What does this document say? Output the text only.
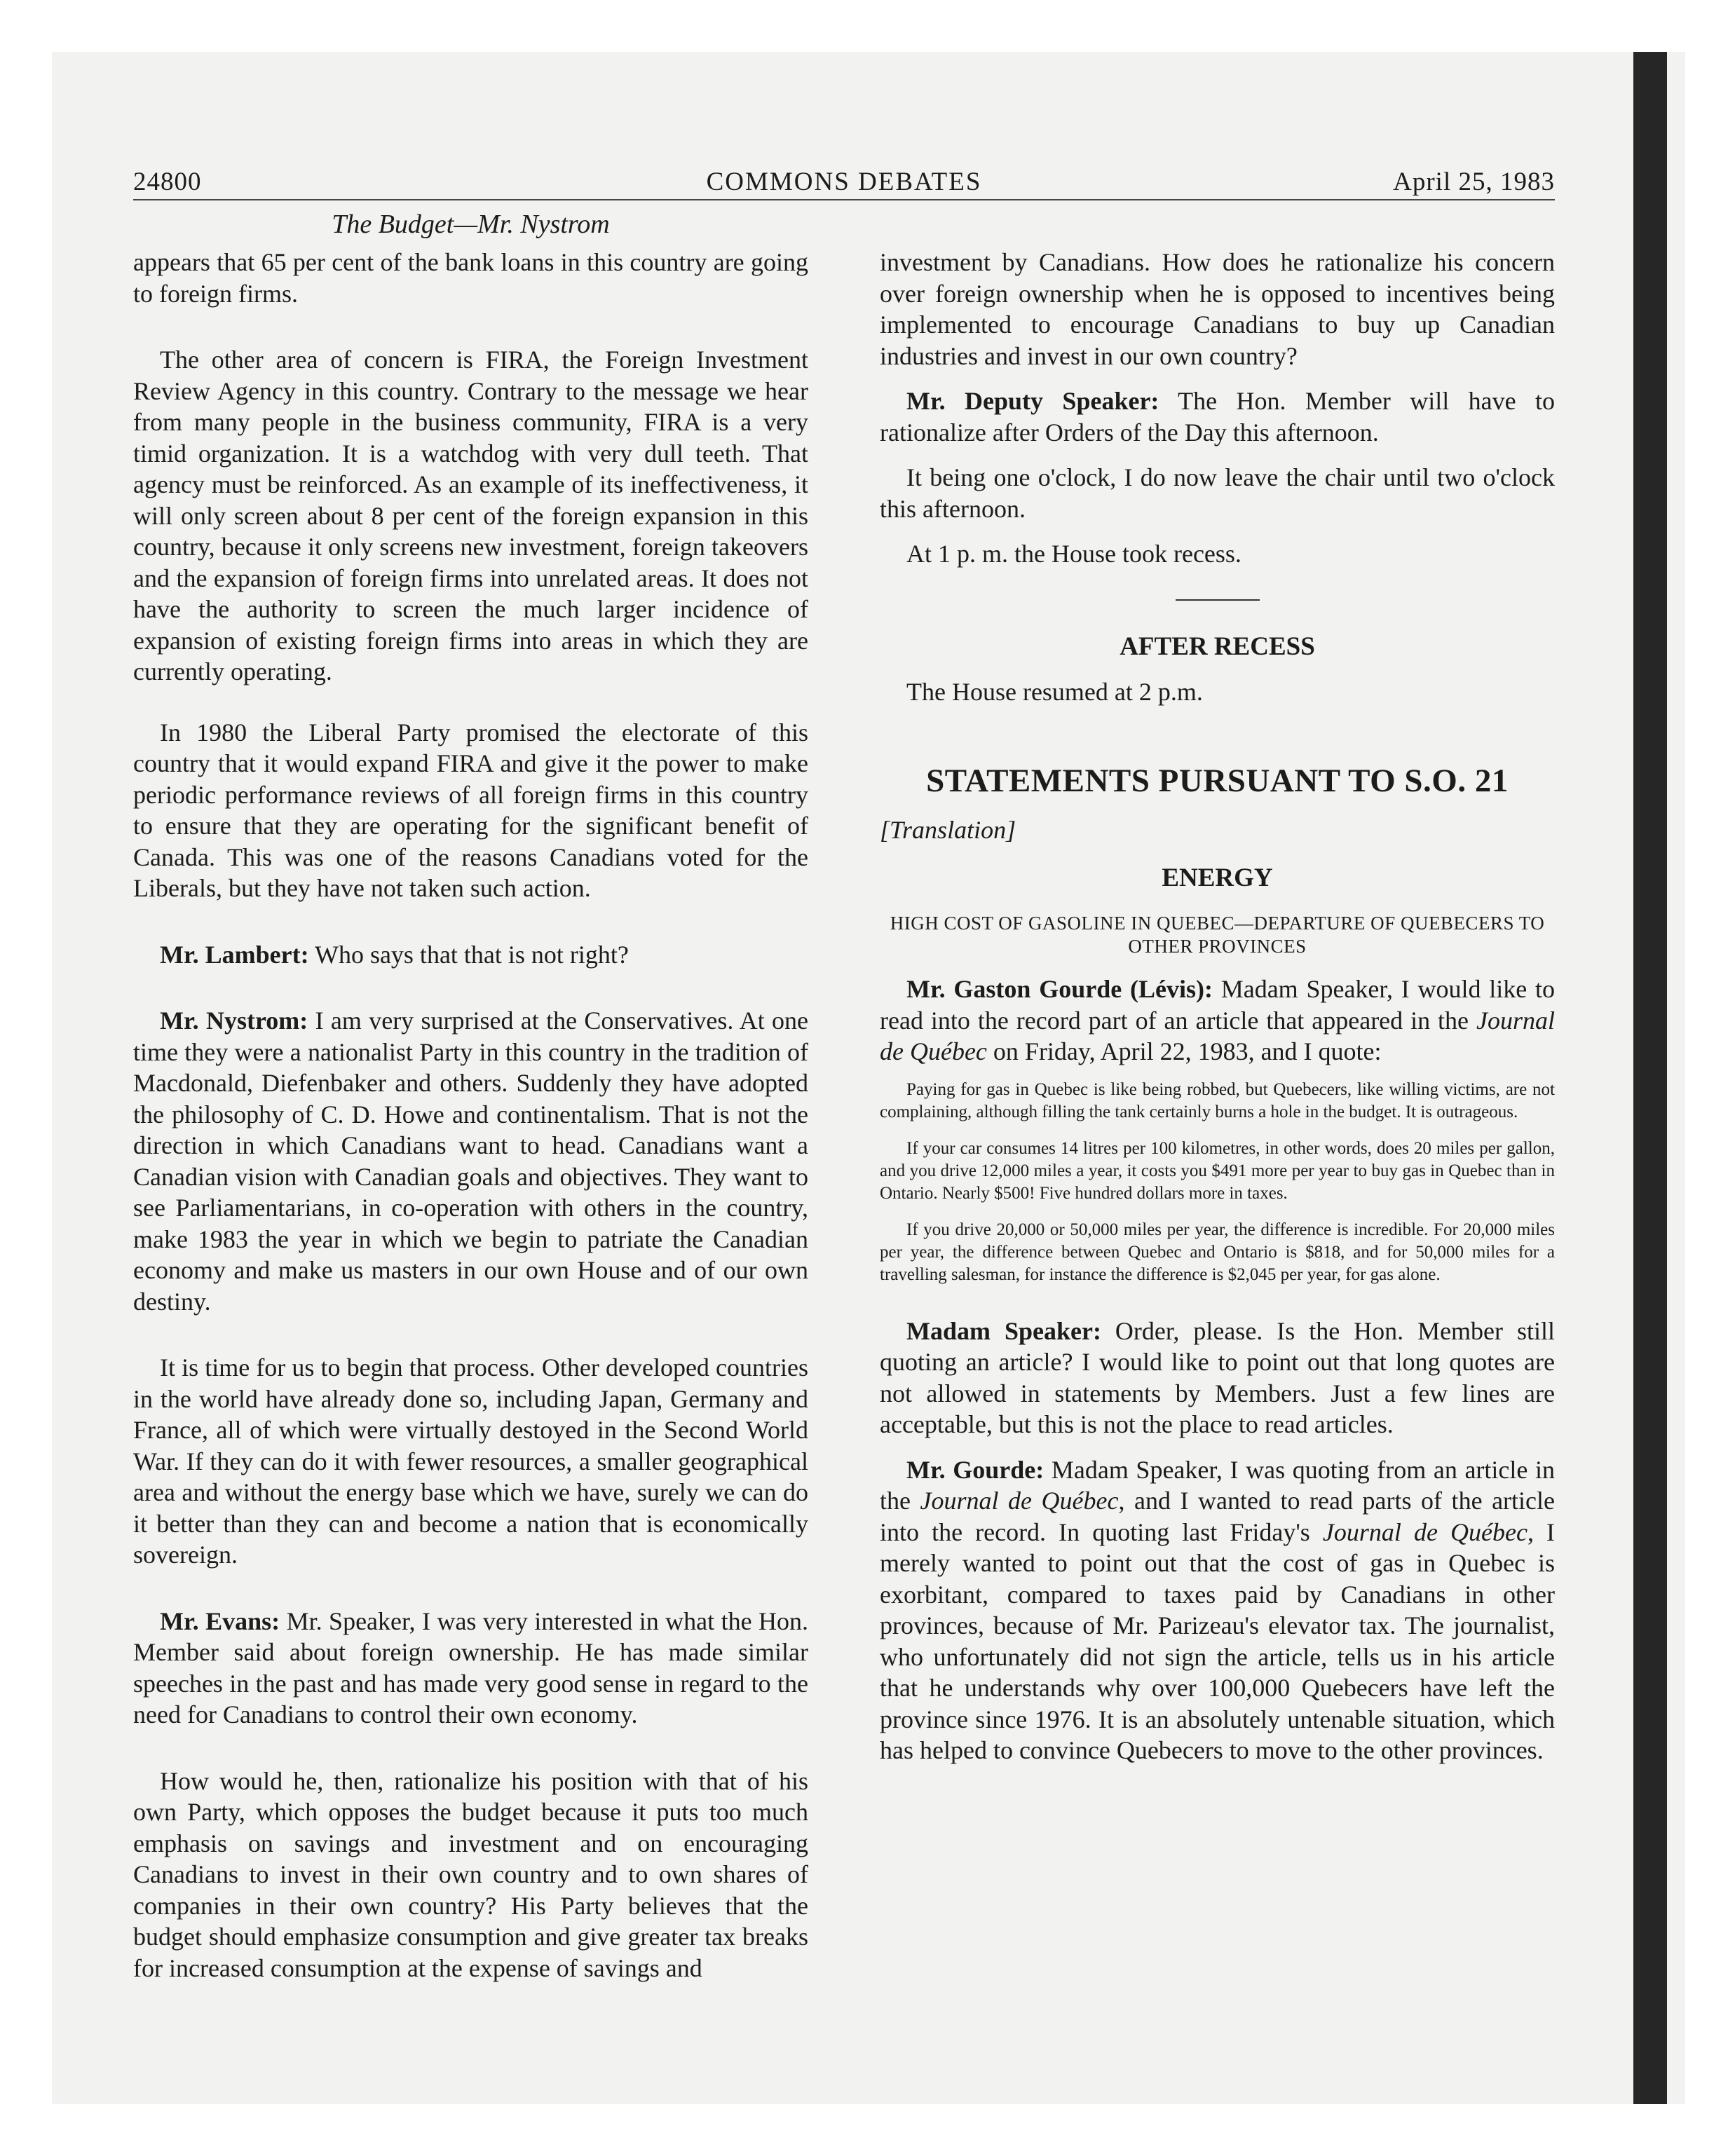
24800	COMMONS DEBATES	April 25, 1983
The Budget—Mr. Nystrom

appears that 65 per cent of the bank loans in this country are going to foreign firms.

The other area of concern is FIRA, the Foreign Investment Review Agency in this country. Contrary to the message we hear from many people in the business community, FIRA is a very timid organization. It is a watchdog with very dull teeth. That agency must be reinforced. As an example of its ineffectiveness, it will only screen about 8 per cent of the foreign expansion in this country, because it only screens new investment, foreign takeovers and the expansion of foreign firms into unrelated areas. It does not have the authority to screen the much larger incidence of expansion of existing foreign firms into areas in which they are currently operating.

In 1980 the Liberal Party promised the electorate of this country that it would expand FIRA and give it the power to make periodic performance reviews of all foreign firms in this country to ensure that they are operating for the significant benefit of Canada. This was one of the reasons Canadians voted for the Liberals, but they have not taken such action.

Mr. Lambert: Who says that that is not right?

Mr. Nystrom: I am very surprised at the Conservatives. At one time they were a nationalist Party in this country in the tradition of Macdonald, Diefenbaker and others. Suddenly they have adopted the philosophy of C. D. Howe and continentalism. That is not the direction in which Canadians want to head. Canadians want a Canadian vision with Canadian goals and objectives. They want to see Parliamentarians, in co-operation with others in the country, make 1983 the year in which we begin to patriate the Canadian economy and make us masters in our own House and of our own destiny.

It is time for us to begin that process. Other developed countries in the world have already done so, including Japan, Germany and France, all of which were virtually destoyed in the Second World War. If they can do it with fewer resources, a smaller geographical area and without the energy base which we have, surely we can do it better than they can and become a nation that is economically sovereign.

Mr. Evans: Mr. Speaker, I was very interested in what the Hon. Member said about foreign ownership. He has made similar speeches in the past and has made very good sense in regard to the need for Canadians to control their own economy.

How would he, then, rationalize his position with that of his own Party, which opposes the budget because it puts too much emphasis on savings and investment and on encouraging Canadians to invest in their own country and to own shares of companies in their own country? His Party believes that the budget should emphasize consumption and give greater tax breaks for increased consumption at the expense of savings and

investment by Canadians. How does he rationalize his concern over foreign ownership when he is opposed to incentives being implemented to encourage Canadians to buy up Canadian industries and invest in our own country?

Mr. Deputy Speaker: The Hon. Member will have to rationalize after Orders of the Day this afternoon.

It being one o'clock, I do now leave the chair until two o'clock this afternoon.

At 1 p. m. the House took recess.

AFTER RECESS

The House resumed at 2 p.m.

STATEMENTS PURSUANT TO S.O. 21
[Translation]
ENERGY
HIGH COST OF GASOLINE IN QUEBEC—DEPARTURE OF QUEBECERS TO OTHER PROVINCES

Mr. Gaston Gourde (Lévis): Madam Speaker, I would like to read into the record part of an article that appeared in the Journal de Québec on Friday, April 22, 1983, and I quote:

Paying for gas in Quebec is like being robbed, but Quebecers, like willing victims, are not complaining, although filling the tank certainly burns a hole in the budget. It is outrageous.

If your car consumes 14 litres per 100 kilometres, in other words, does 20 miles per gallon, and you drive 12,000 miles a year, it costs you $491 more per year to buy gas in Quebec than in Ontario. Nearly $500! Five hundred dollars more in taxes.

If you drive 20,000 or 50,000 miles per year, the difference is incredible. For 20,000 miles per year, the difference between Quebec and Ontario is $818, and for 50,000 miles for a travelling salesman, for instance the difference is $2,045 per year, for gas alone.

Madam Speaker: Order, please. Is the Hon. Member still quoting an article? I would like to point out that long quotes are not allowed in statements by Members. Just a few lines are acceptable, but this is not the place to read articles.

Mr. Gourde: Madam Speaker, I was quoting from an article in the Journal de Québec, and I wanted to read parts of the article into the record. In quoting last Friday's Journal de Québec, I merely wanted to point out that the cost of gas in Quebec is exorbitant, compared to taxes paid by Canadians in other provinces, because of Mr. Parizeau's elevator tax. The journalist, who unfortunately did not sign the article, tells us in his article that he understands why over 100,000 Quebecers have left the province since 1976. It is an absolutely untenable situation, which has helped to convince Quebecers to move to the other provinces.
